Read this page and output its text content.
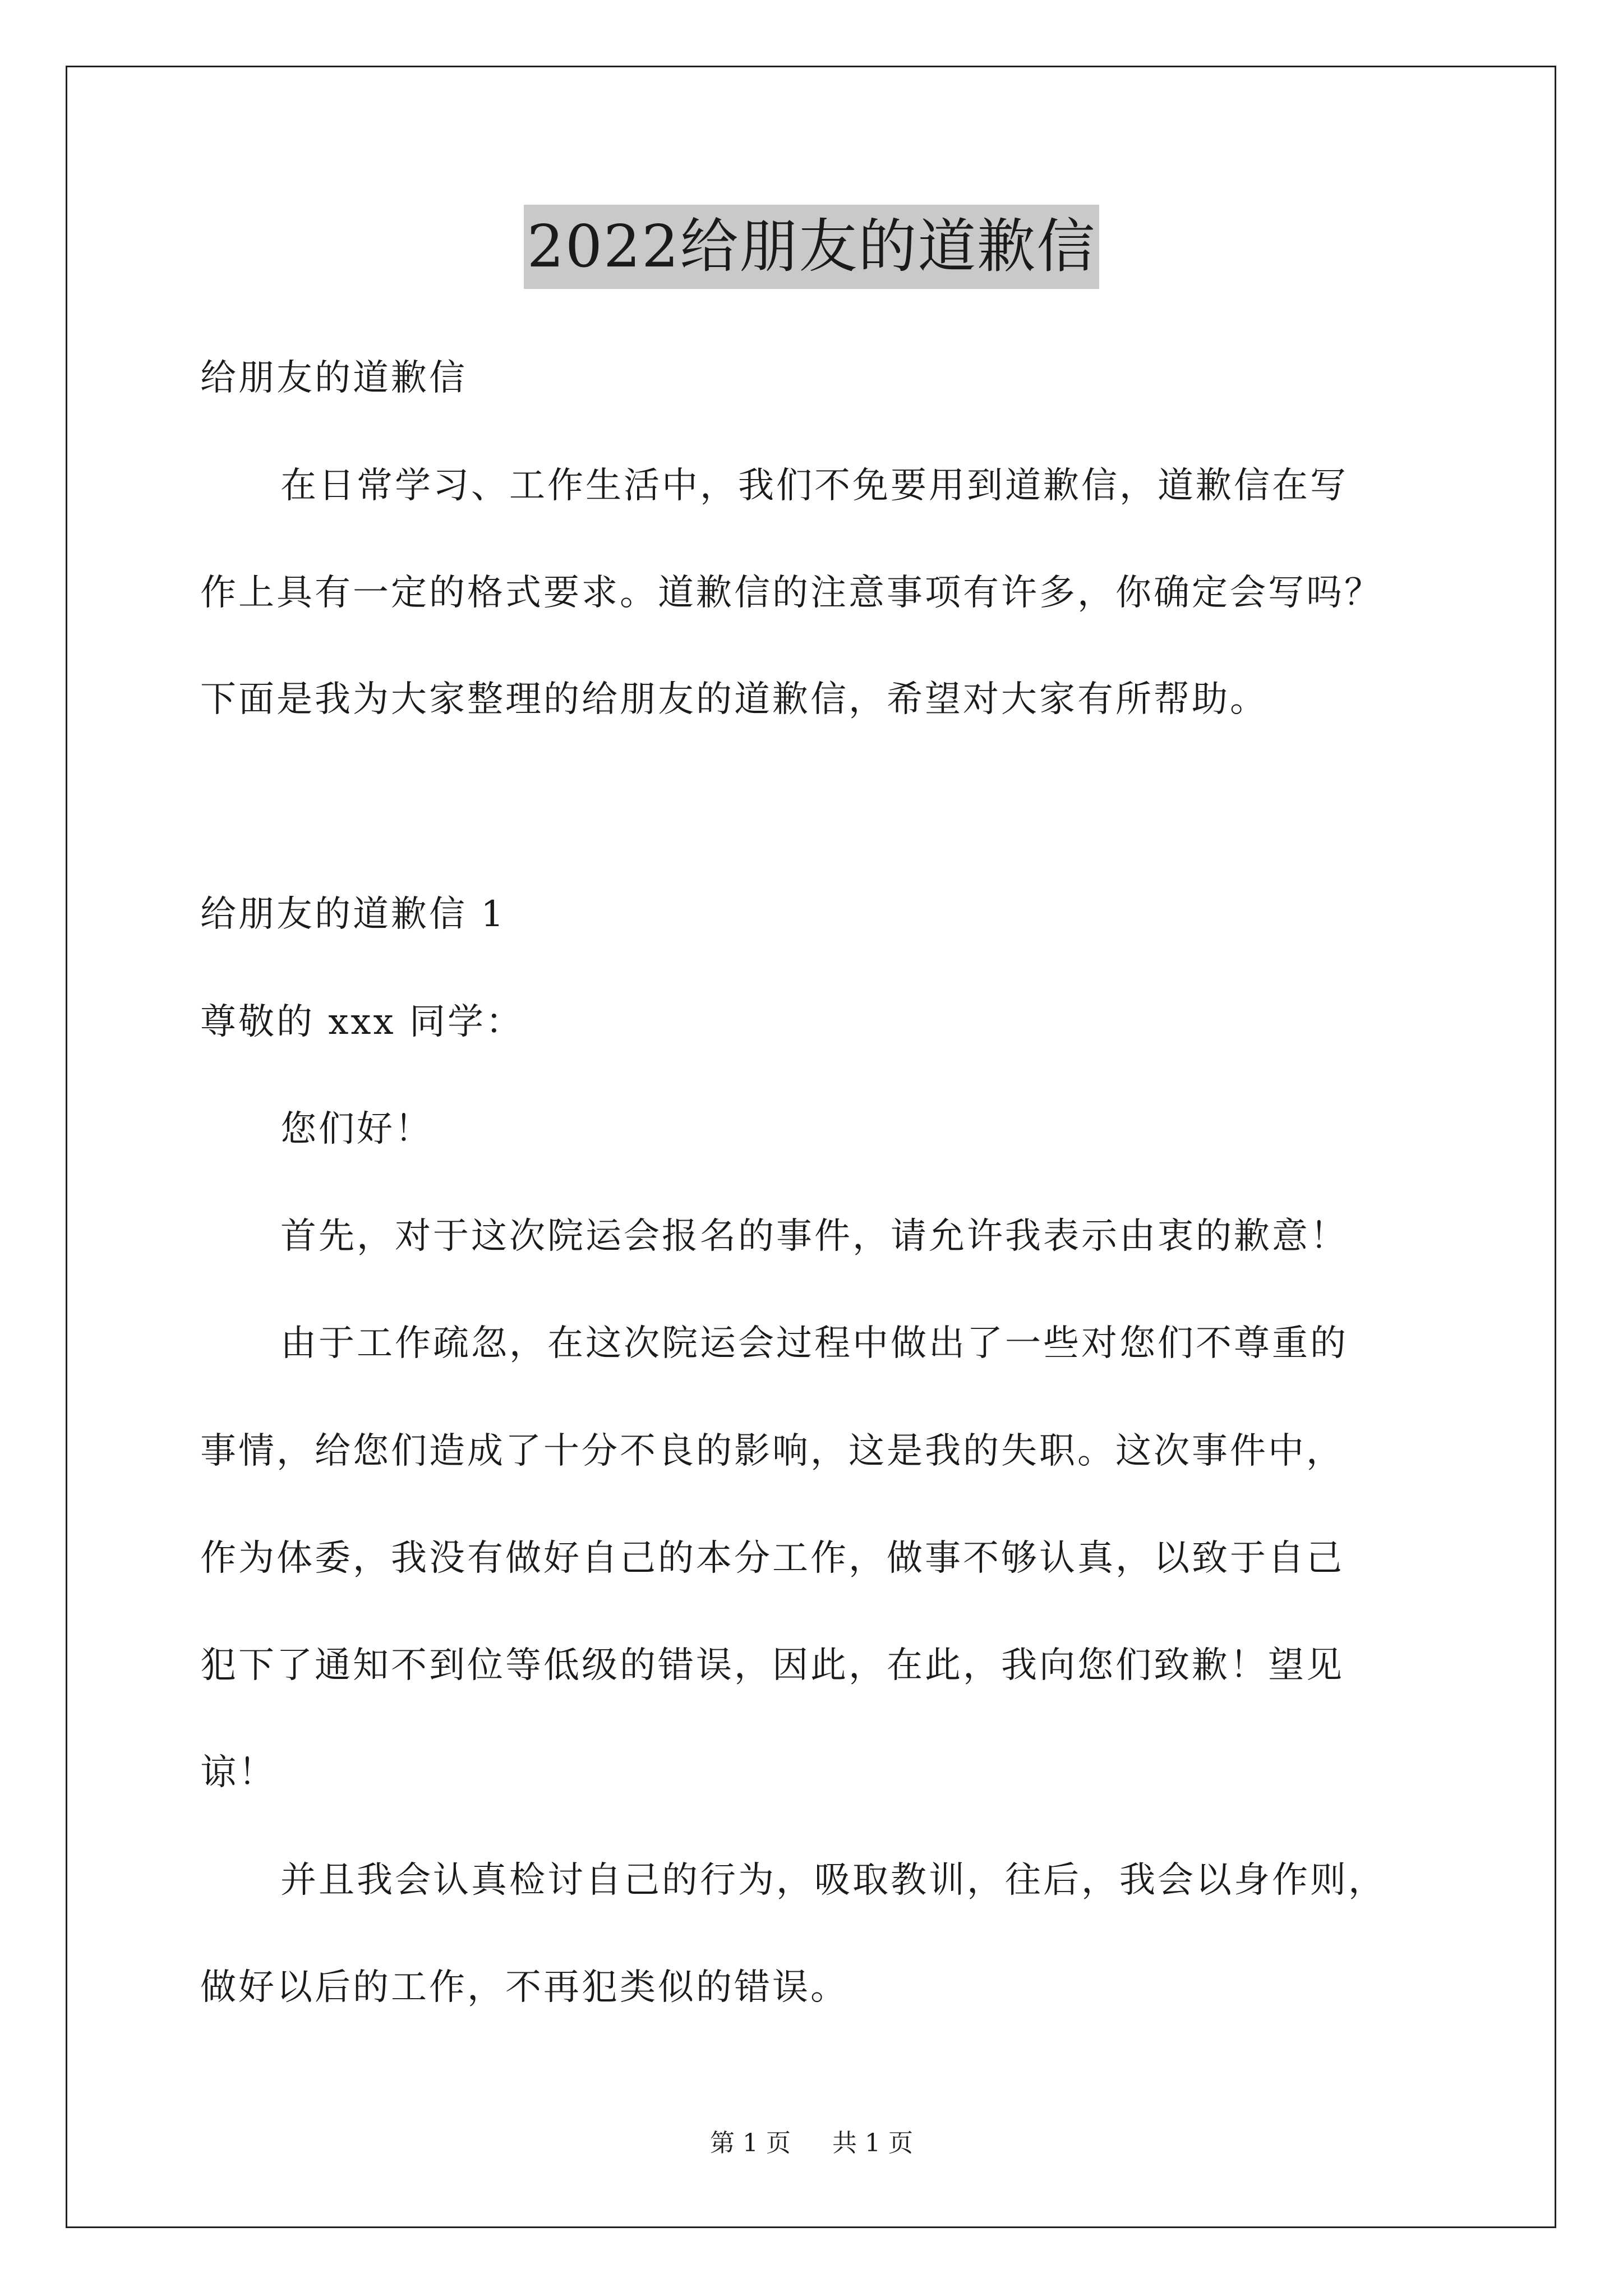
2022给朋友的道歉信
给朋友的道歉信
在日常学习、工作生活中，我们不免要用到道歉信，道歉信在写
作上具有一定的格式要求。道歉信的注意事项有许多，你确定会写吗？
下面是我为大家整理的给朋友的道歉信，希望对大家有所帮助。
给朋友的道歉信 1
尊敬的 xxx 同学：
您们好！
首先，对于这次院运会报名的事件，请允许我表示由衷的歉意！
由于工作疏忽，在这次院运会过程中做出了一些对您们不尊重的
事情，给您们造成了十分不良的影响，这是我的失职。这次事件中，
作为体委，我没有做好自己的本分工作，做事不够认真，以致于自己
犯下了通知不到位等低级的错误，因此，在此，我向您们致歉！望见
谅！
并且我会认真检讨自己的行为，吸取教训，往后，我会以身作则，
做好以后的工作，不再犯类似的错误。
第 1 页 共 1 页
